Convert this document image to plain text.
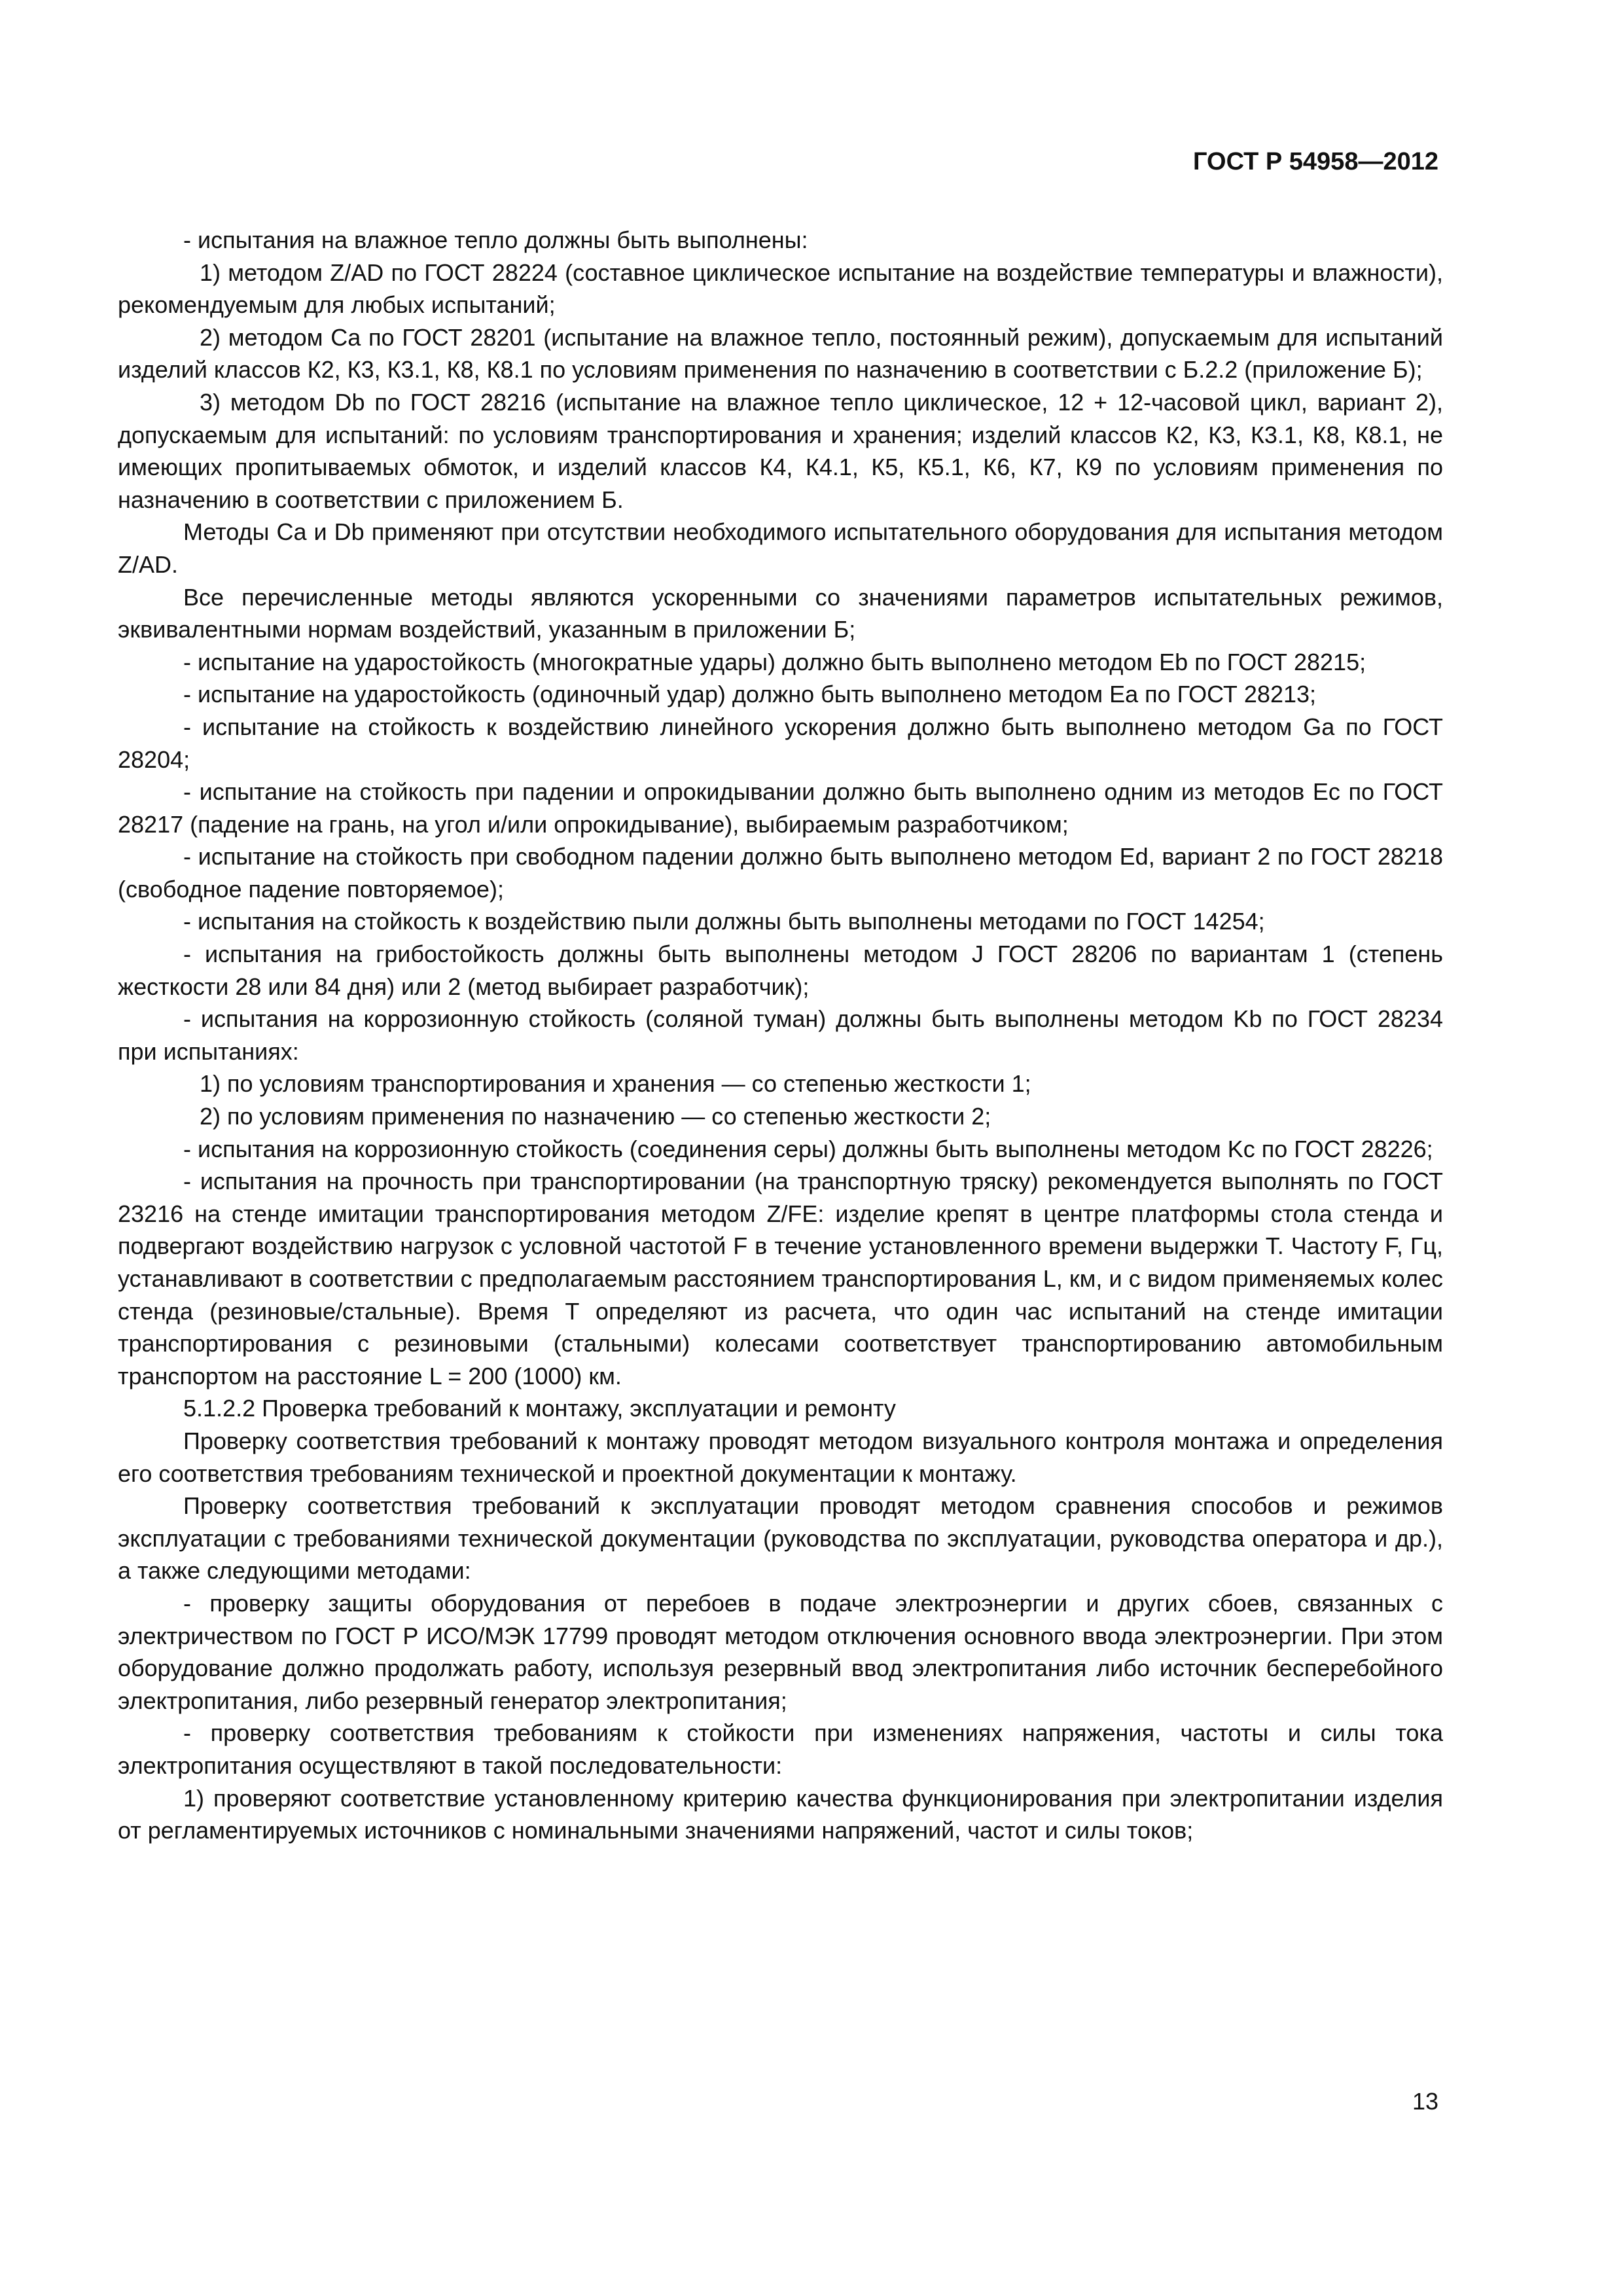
ГОСТ Р 54958—2012

- испытания на влажное тепло должны быть выполнены:

1) методом Z/AD по ГОСТ 28224 (составное циклическое испытание на воздействие температуры и влажности), рекомендуемым для любых испытаний;

2) методом Ca по ГОСТ 28201 (испытание на влажное тепло, постоянный режим), допускаемым для испытаний изделий классов К2, К3, К3.1, К8, К8.1 по условиям применения по назначению в соответствии с Б.2.2 (приложение Б);

3) методом Db по ГОСТ 28216 (испытание на влажное тепло циклическое, 12 + 12-часовой цикл, вариант 2), допускаемым для испытаний: по условиям транспортирования и хранения; изделий классов К2, К3, К3.1, К8, К8.1, не имеющих пропитываемых обмоток, и изделий классов К4, К4.1, К5, К5.1, К6, К7, К9 по условиям применения по назначению в соответствии с приложением Б.

Методы Ca и Db применяют при отсутствии необходимого испытательного оборудования для испытания методом Z/AD.

Все перечисленные методы являются ускоренными со значениями параметров испытательных режимов, эквивалентными нормам воздействий, указанным в приложении Б;

- испытание на ударостойкость (многократные удары) должно быть выполнено методом Eb по ГОСТ 28215;

- испытание на ударостойкость (одиночный удар) должно быть выполнено методом Ea по ГОСТ 28213;

- испытание на стойкость к воздействию линейного ускорения должно быть выполнено методом Ga по ГОСТ 28204;

- испытание на стойкость при падении и опрокидывании должно быть выполнено одним из методов Ec по ГОСТ 28217 (падение на грань, на угол и/или опрокидывание), выбираемым разработчиком;

- испытание на стойкость при свободном падении должно быть выполнено методом Ed, вариант 2 по ГОСТ 28218 (свободное падение повторяемое);

- испытания на стойкость к воздействию пыли должны быть выполнены методами по ГОСТ 14254;

- испытания на грибостойкость должны быть выполнены методом J ГОСТ 28206 по вариантам 1 (степень жесткости 28 или 84 дня) или 2 (метод выбирает разработчик);

- испытания на коррозионную стойкость (соляной туман) должны быть выполнены методом Kb по ГОСТ 28234 при испытаниях:

1) по условиям транспортирования и хранения — со степенью жесткости 1;

2) по условиям применения по назначению — со степенью жесткости 2;

- испытания на коррозионную стойкость (соединения серы) должны быть выполнены методом Kc по ГОСТ 28226;

- испытания на прочность при транспортировании (на транспортную тряску) рекомендуется выполнять по ГОСТ 23216 на стенде имитации транспортирования методом Z/FE: изделие крепят в центре платформы стола стенда и подвергают воздействию нагрузок с условной частотой F в течение установленного времени выдержки T. Частоту F, Гц, устанавливают в соответствии с предполагаемым расстоянием транспортирования L, км, и с видом применяемых колес стенда (резиновые/стальные). Время T определяют из расчета, что один час испытаний на стенде имитации транспортирования с резиновыми (стальными) колесами соответствует транспортированию автомобильным транспортом на расстояние L = 200 (1000) км.

5.1.2.2 Проверка требований к монтажу, эксплуатации и ремонту

Проверку соответствия требований к монтажу проводят методом визуального контроля монтажа и определения его соответствия требованиям технической и проектной документации к монтажу.

Проверку соответствия требований к эксплуатации проводят методом сравнения способов и режимов эксплуатации с требованиями технической документации (руководства по эксплуатации, руководства оператора и др.), а также следующими методами:

- проверку защиты оборудования от перебоев в подаче электроэнергии и других сбоев, связанных с электричеством по ГОСТ Р ИСО/МЭК 17799 проводят методом отключения основного ввода электроэнергии. При этом оборудование должно продолжать работу, используя резервный ввод электропитания либо источник бесперебойного электропитания, либо резервный генератор электропитания;

- проверку соответствия требованиям к стойкости при изменениях напряжения, частоты и силы тока электропитания осуществляют в такой последовательности:

1) проверяют соответствие установленному критерию качества функционирования при электропитании изделия от регламентируемых источников с номинальными значениями напряжений, частот и силы токов;

13
